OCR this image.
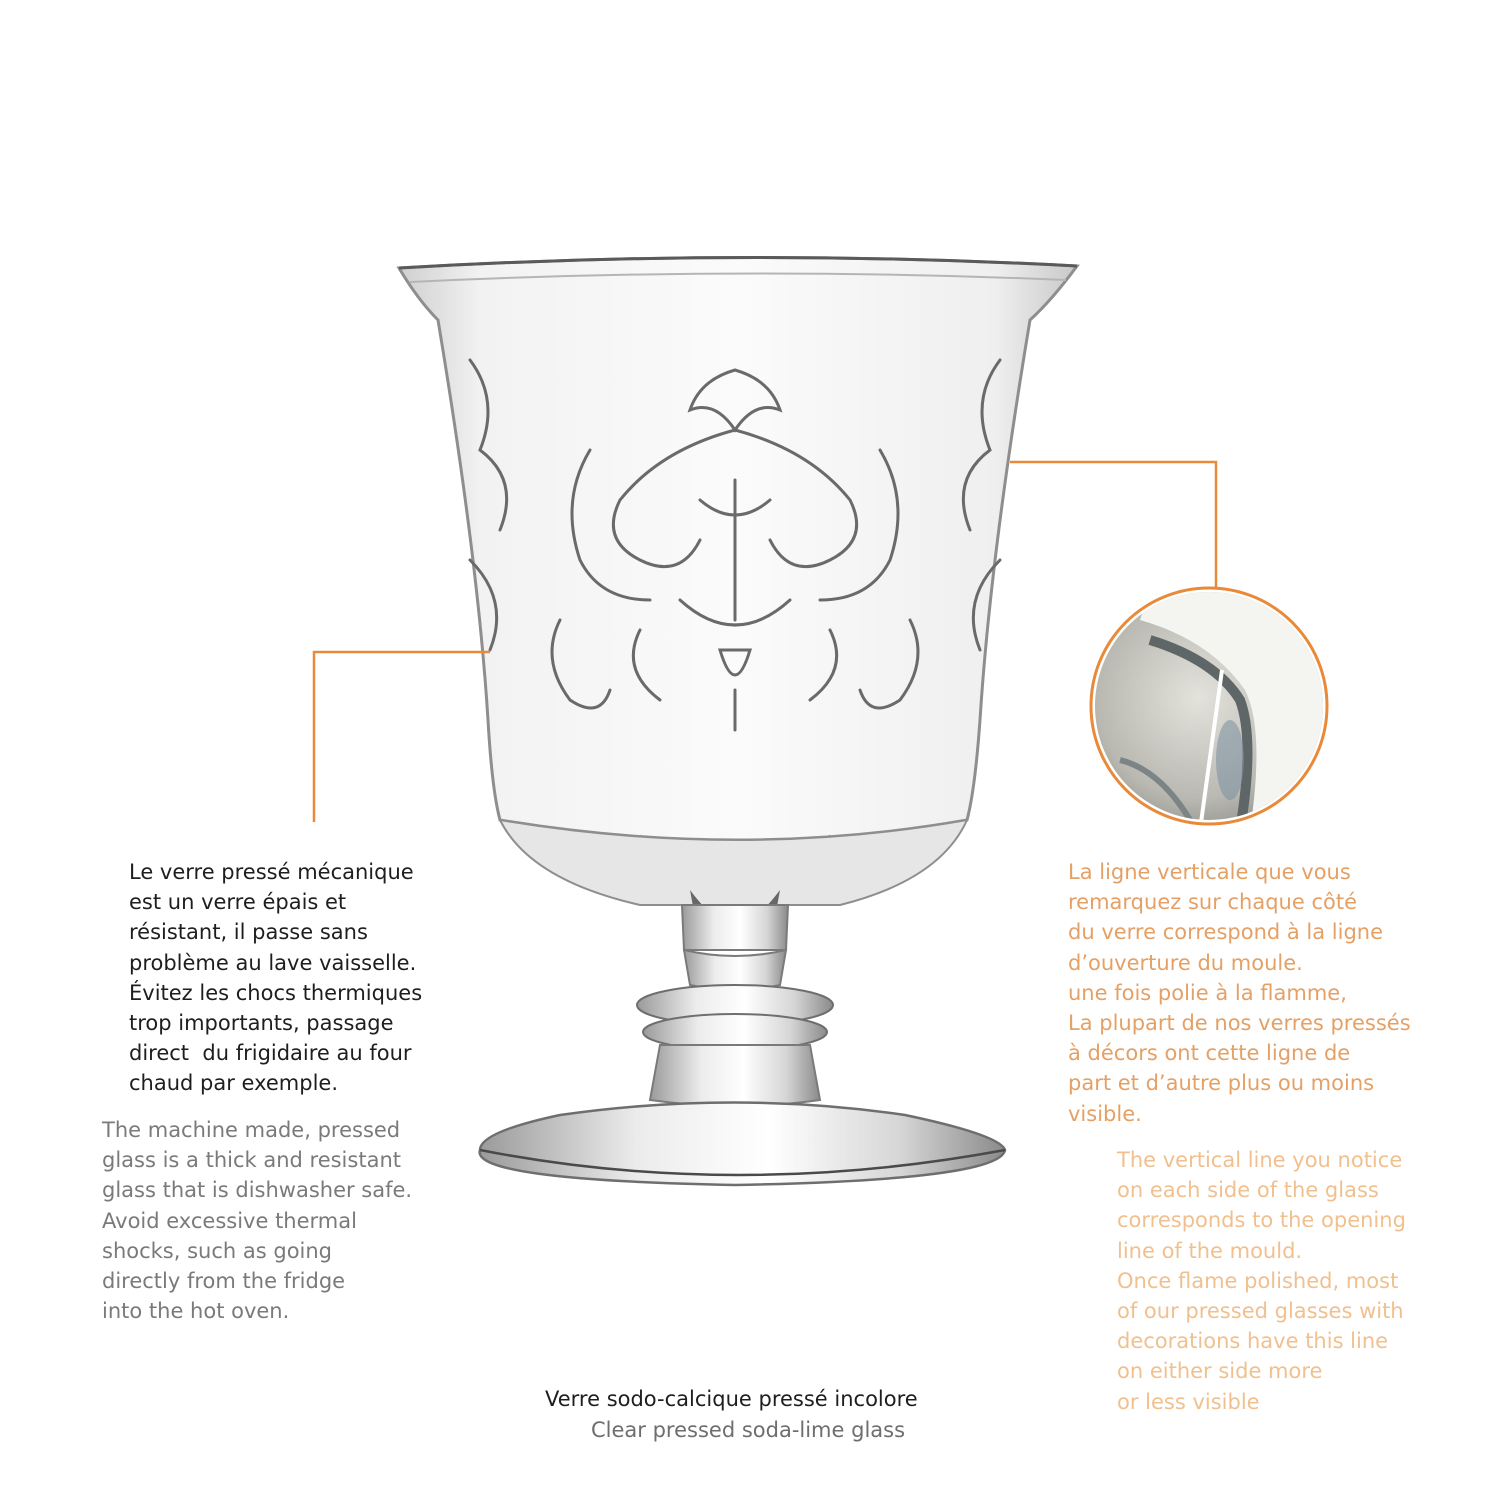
Le verre pressé mécanique
est un verre épais et
résistant, il passe sans
problème au lave vaisselle.
Évitez les chocs thermiques
trop importants, passage
direct  du frigidaire au four
chaud par exemple.
The machine made, pressed
glass is a thick and resistant
glass that is dishwasher safe.
Avoid excessive thermal
shocks, such as going
directly from the fridge
into the hot oven.
La ligne verticale que vous
remarquez sur chaque côté
du verre correspond à la ligne
d’ouverture du moule.
une fois polie à la flamme,
La plupart de nos verres pressés
à décors ont cette ligne de
part et d’autre plus ou moins
visible.
The vertical line you notice
on each side of the glass
corresponds to the opening
line of the mould.
Once flame polished, most
of our pressed glasses with
decorations have this line
on either side more
or less visible
Verre sodo-calcique pressé incolore
Clear pressed soda-lime glass
